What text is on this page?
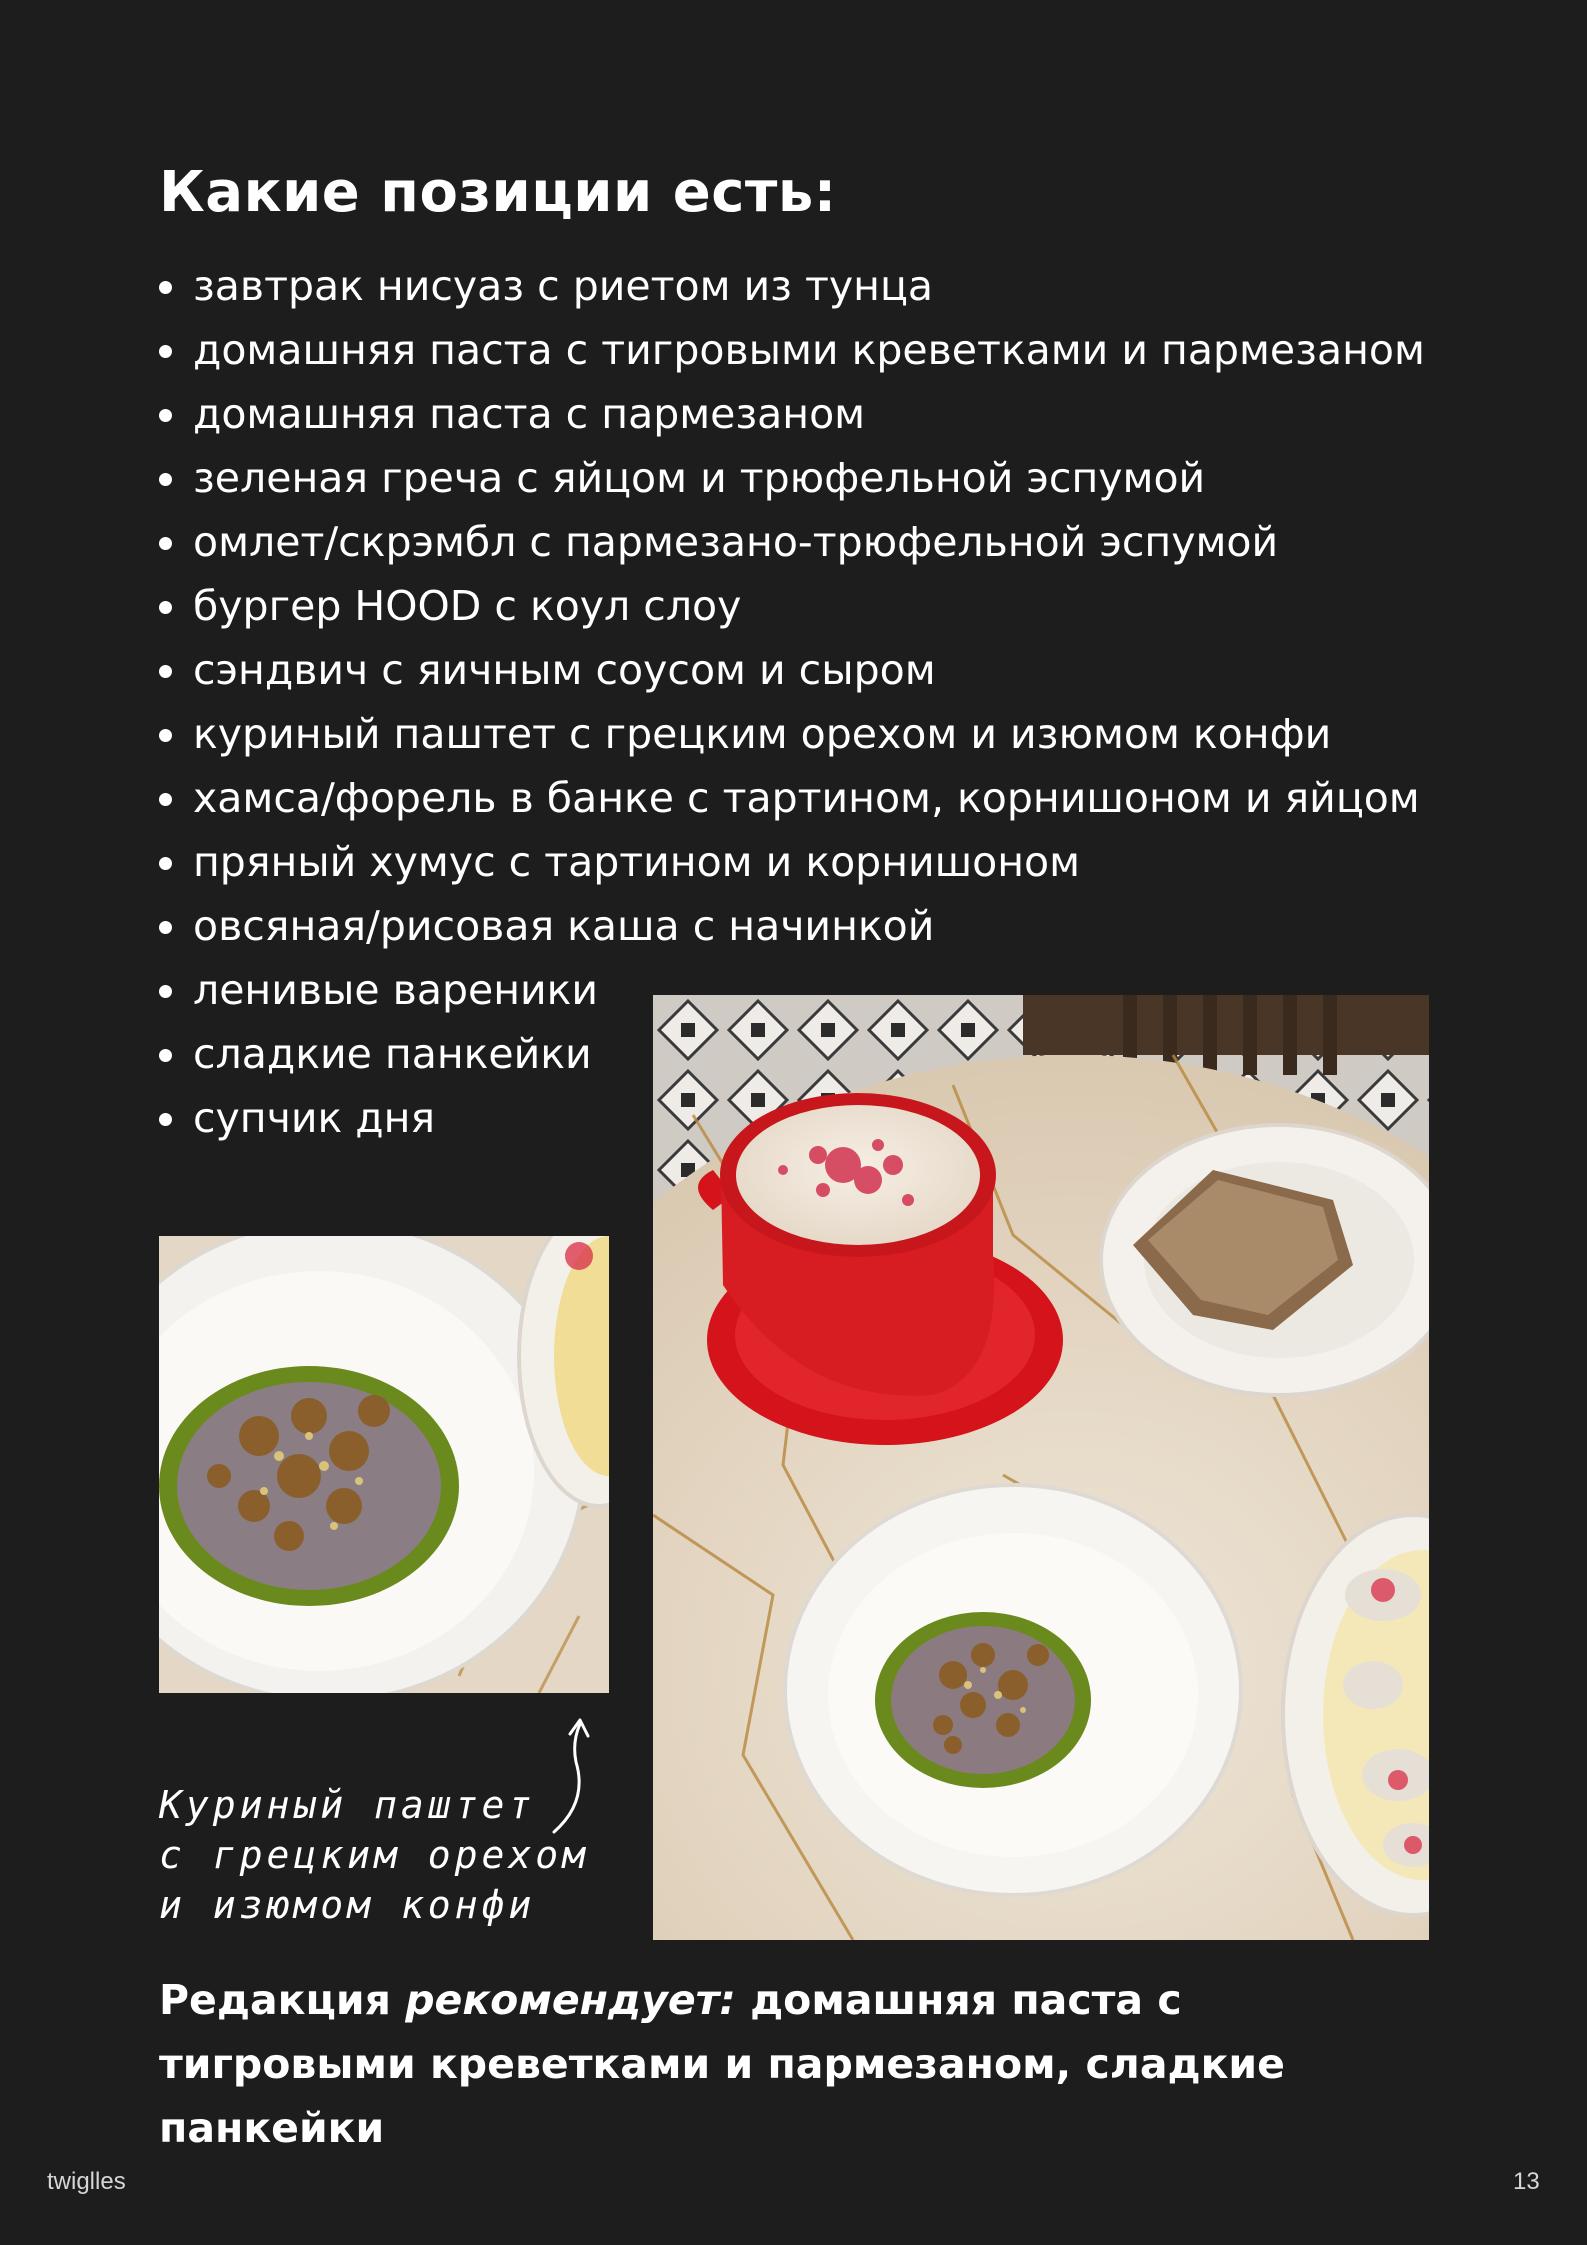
Какие позиции есть:
завтрак нисуаз с риетом из тунца
домашняя паста с тигровыми креветками и пармезаном
домашняя паста с пармезаном
зеленая греча с яйцом и трюфельной эспумой
омлет/скрэмбл с пармезано-трюфельной эспумой
бургер HOOD с коул слоу
сэндвич с яичным соусом и сыром
куриный паштет с грецким орехом и изюмом конфи
хамса/форель в банке с тартином, корнишоном и яйцом
пряный хумус с тартином и корнишоном
овсяная/рисовая каша с начинкой
ленивые вареники
сладкие панкейки
супчик дня

Куриный паштет
с грецким орехом
и изюмом конфи

Редакция рекомендует: домашняя паста с тигровыми креветками и пармезаном, сладкие панкейки

twiglles	13
